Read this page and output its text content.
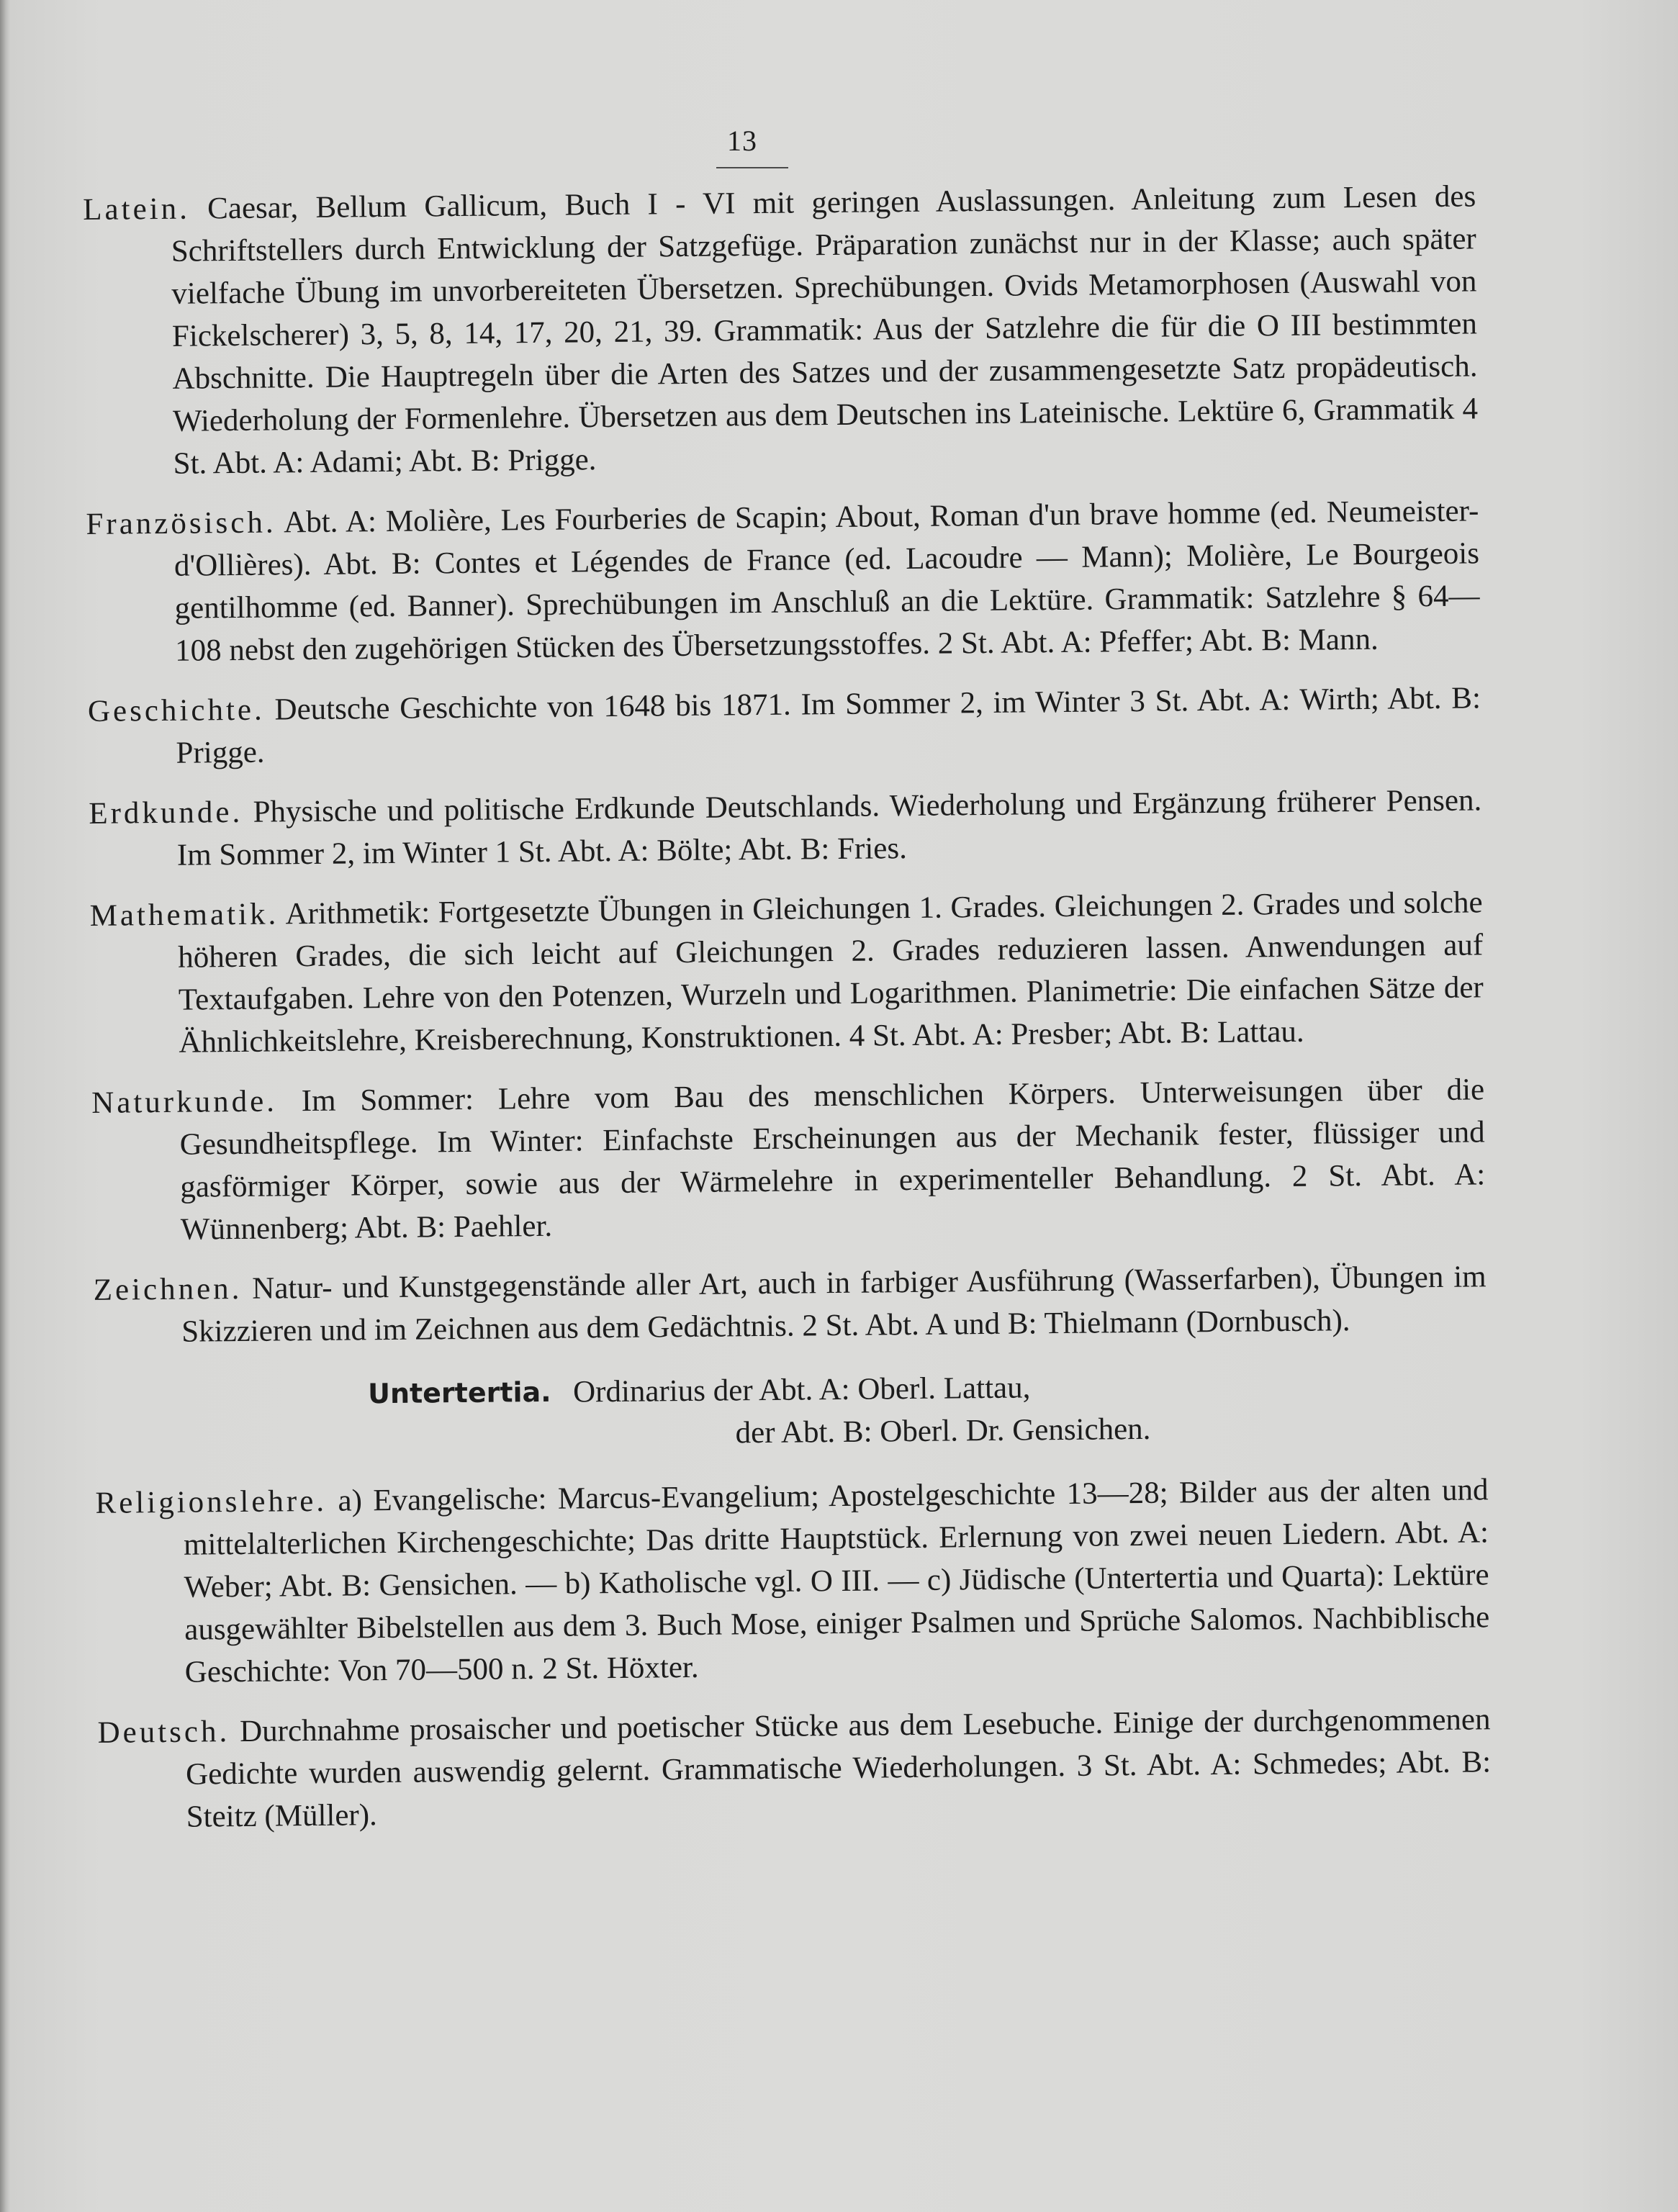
13

Latein. Caesar, Bellum Gallicum, Buch I - VI mit geringen Auslassungen. Anleitung zum Lesen des Schriftstellers durch Entwicklung der Satzgefüge. Präparation zunächst nur in der Klasse; auch später vielfache Übung im unvorbereiteten Übersetzen. Sprechübungen. Ovids Metamorphosen (Auswahl von Fickelscherer) 3, 5, 8, 14, 17, 20, 21, 39. Grammatik: Aus der Satzlehre die für die O III bestimmten Abschnitte. Die Hauptregeln über die Arten des Satzes und der zusammengesetzte Satz propädeutisch. Wiederholung der Formenlehre. Übersetzen aus dem Deutschen ins Lateinische. Lektüre 6, Grammatik 4 St. Abt. A: Adami; Abt. B: Prigge.

Französisch. Abt. A: Molière, Les Fourberies de Scapin; About, Roman d'un brave homme (ed. Neumeister-d'Ollières). Abt. B: Contes et Légendes de France (ed. Lacoudre — Mann); Molière, Le Bourgeois gentilhomme (ed. Banner). Sprechübungen im Anschluß an die Lektüre. Grammatik: Satzlehre § 64—108 nebst den zugehörigen Stücken des Übersetzungsstoffes. 2 St. Abt. A: Pfeffer; Abt. B: Mann.

Geschichte. Deutsche Geschichte von 1648 bis 1871. Im Sommer 2, im Winter 3 St. Abt. A: Wirth; Abt. B: Prigge.

Erdkunde. Physische und politische Erdkunde Deutschlands. Wiederholung und Ergänzung früherer Pensen. Im Sommer 2, im Winter 1 St. Abt. A: Bölte; Abt. B: Fries.

Mathematik. Arithmetik: Fortgesetzte Übungen in Gleichungen 1. Grades. Gleichungen 2. Grades und solche höheren Grades, die sich leicht auf Gleichungen 2. Grades reduzieren lassen. Anwendungen auf Textaufgaben. Lehre von den Potenzen, Wurzeln und Logarithmen. Planimetrie: Die einfachen Sätze der Ähnlichkeitslehre, Kreisberechnung, Konstruktionen. 4 St. Abt. A: Presber; Abt. B: Lattau.

Naturkunde. Im Sommer: Lehre vom Bau des menschlichen Körpers. Unterweisungen über die Gesundheitspflege. Im Winter: Einfachste Erscheinungen aus der Mechanik fester, flüssiger und gasförmiger Körper, sowie aus der Wärmelehre in experimenteller Behandlung. 2 St. Abt. A: Wünnenberg; Abt. B: Paehler.

Zeichnen. Natur- und Kunstgegenstände aller Art, auch in farbiger Ausführung (Wasserfarben), Übungen im Skizzieren und im Zeichnen aus dem Gedächtnis. 2 St. Abt. A und B: Thielmann (Dornbusch).

Untertertia. Ordinarius der Abt. A: Oberl. Lattau,
der Abt. B: Oberl. Dr. Gensichen.

Religionslehre. a) Evangelische: Marcus-Evangelium; Apostelgeschichte 13—28; Bilder aus der alten und mittelalterlichen Kirchengeschichte; Das dritte Hauptstück. Erlernung von zwei neuen Liedern. Abt. A: Weber; Abt. B: Gensichen. — b) Katholische vgl. O III. — c) Jüdische (Untertertia und Quarta): Lektüre ausgewählter Bibelstellen aus dem 3. Buch Mose, einiger Psalmen und Sprüche Salomos. Nachbiblische Geschichte: Von 70—500 n. 2 St. Höxter.

Deutsch. Durchnahme prosaischer und poetischer Stücke aus dem Lesebuche. Einige der durchgenommenen Gedichte wurden auswendig gelernt. Grammatische Wiederholungen. 3 St. Abt. A: Schmedes; Abt. B: Steitz (Müller).
